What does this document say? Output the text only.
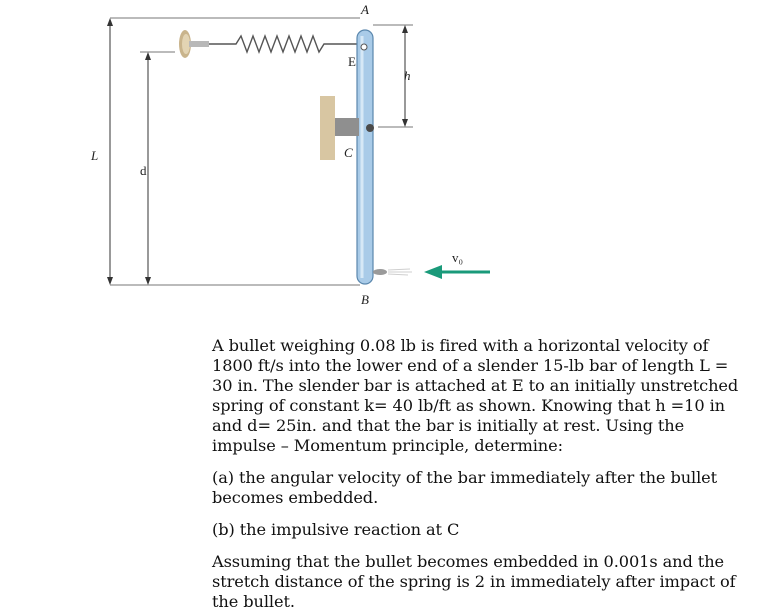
L
d
h
v₀
A
E
C
B

A bullet weighing 0.08 lb is fired with a horizontal velocity of 1800 ft/s into the lower end of a slender 15-lb bar of length L = 30 in. The slender bar is attached at E to an initially unstretched spring of constant k= 40 lb/ft as shown. Knowing that h =10 in and d= 25in. and that the bar is initially at rest. Using the impulse – Momentum principle, determine:

(a) the angular velocity of the bar immediately after the bullet becomes embedded.

(b) the impulsive reaction at C

Assuming that the bullet becomes embedded in 0.001s and the stretch distance of the spring is 2 in immediately after impact of the bullet.
